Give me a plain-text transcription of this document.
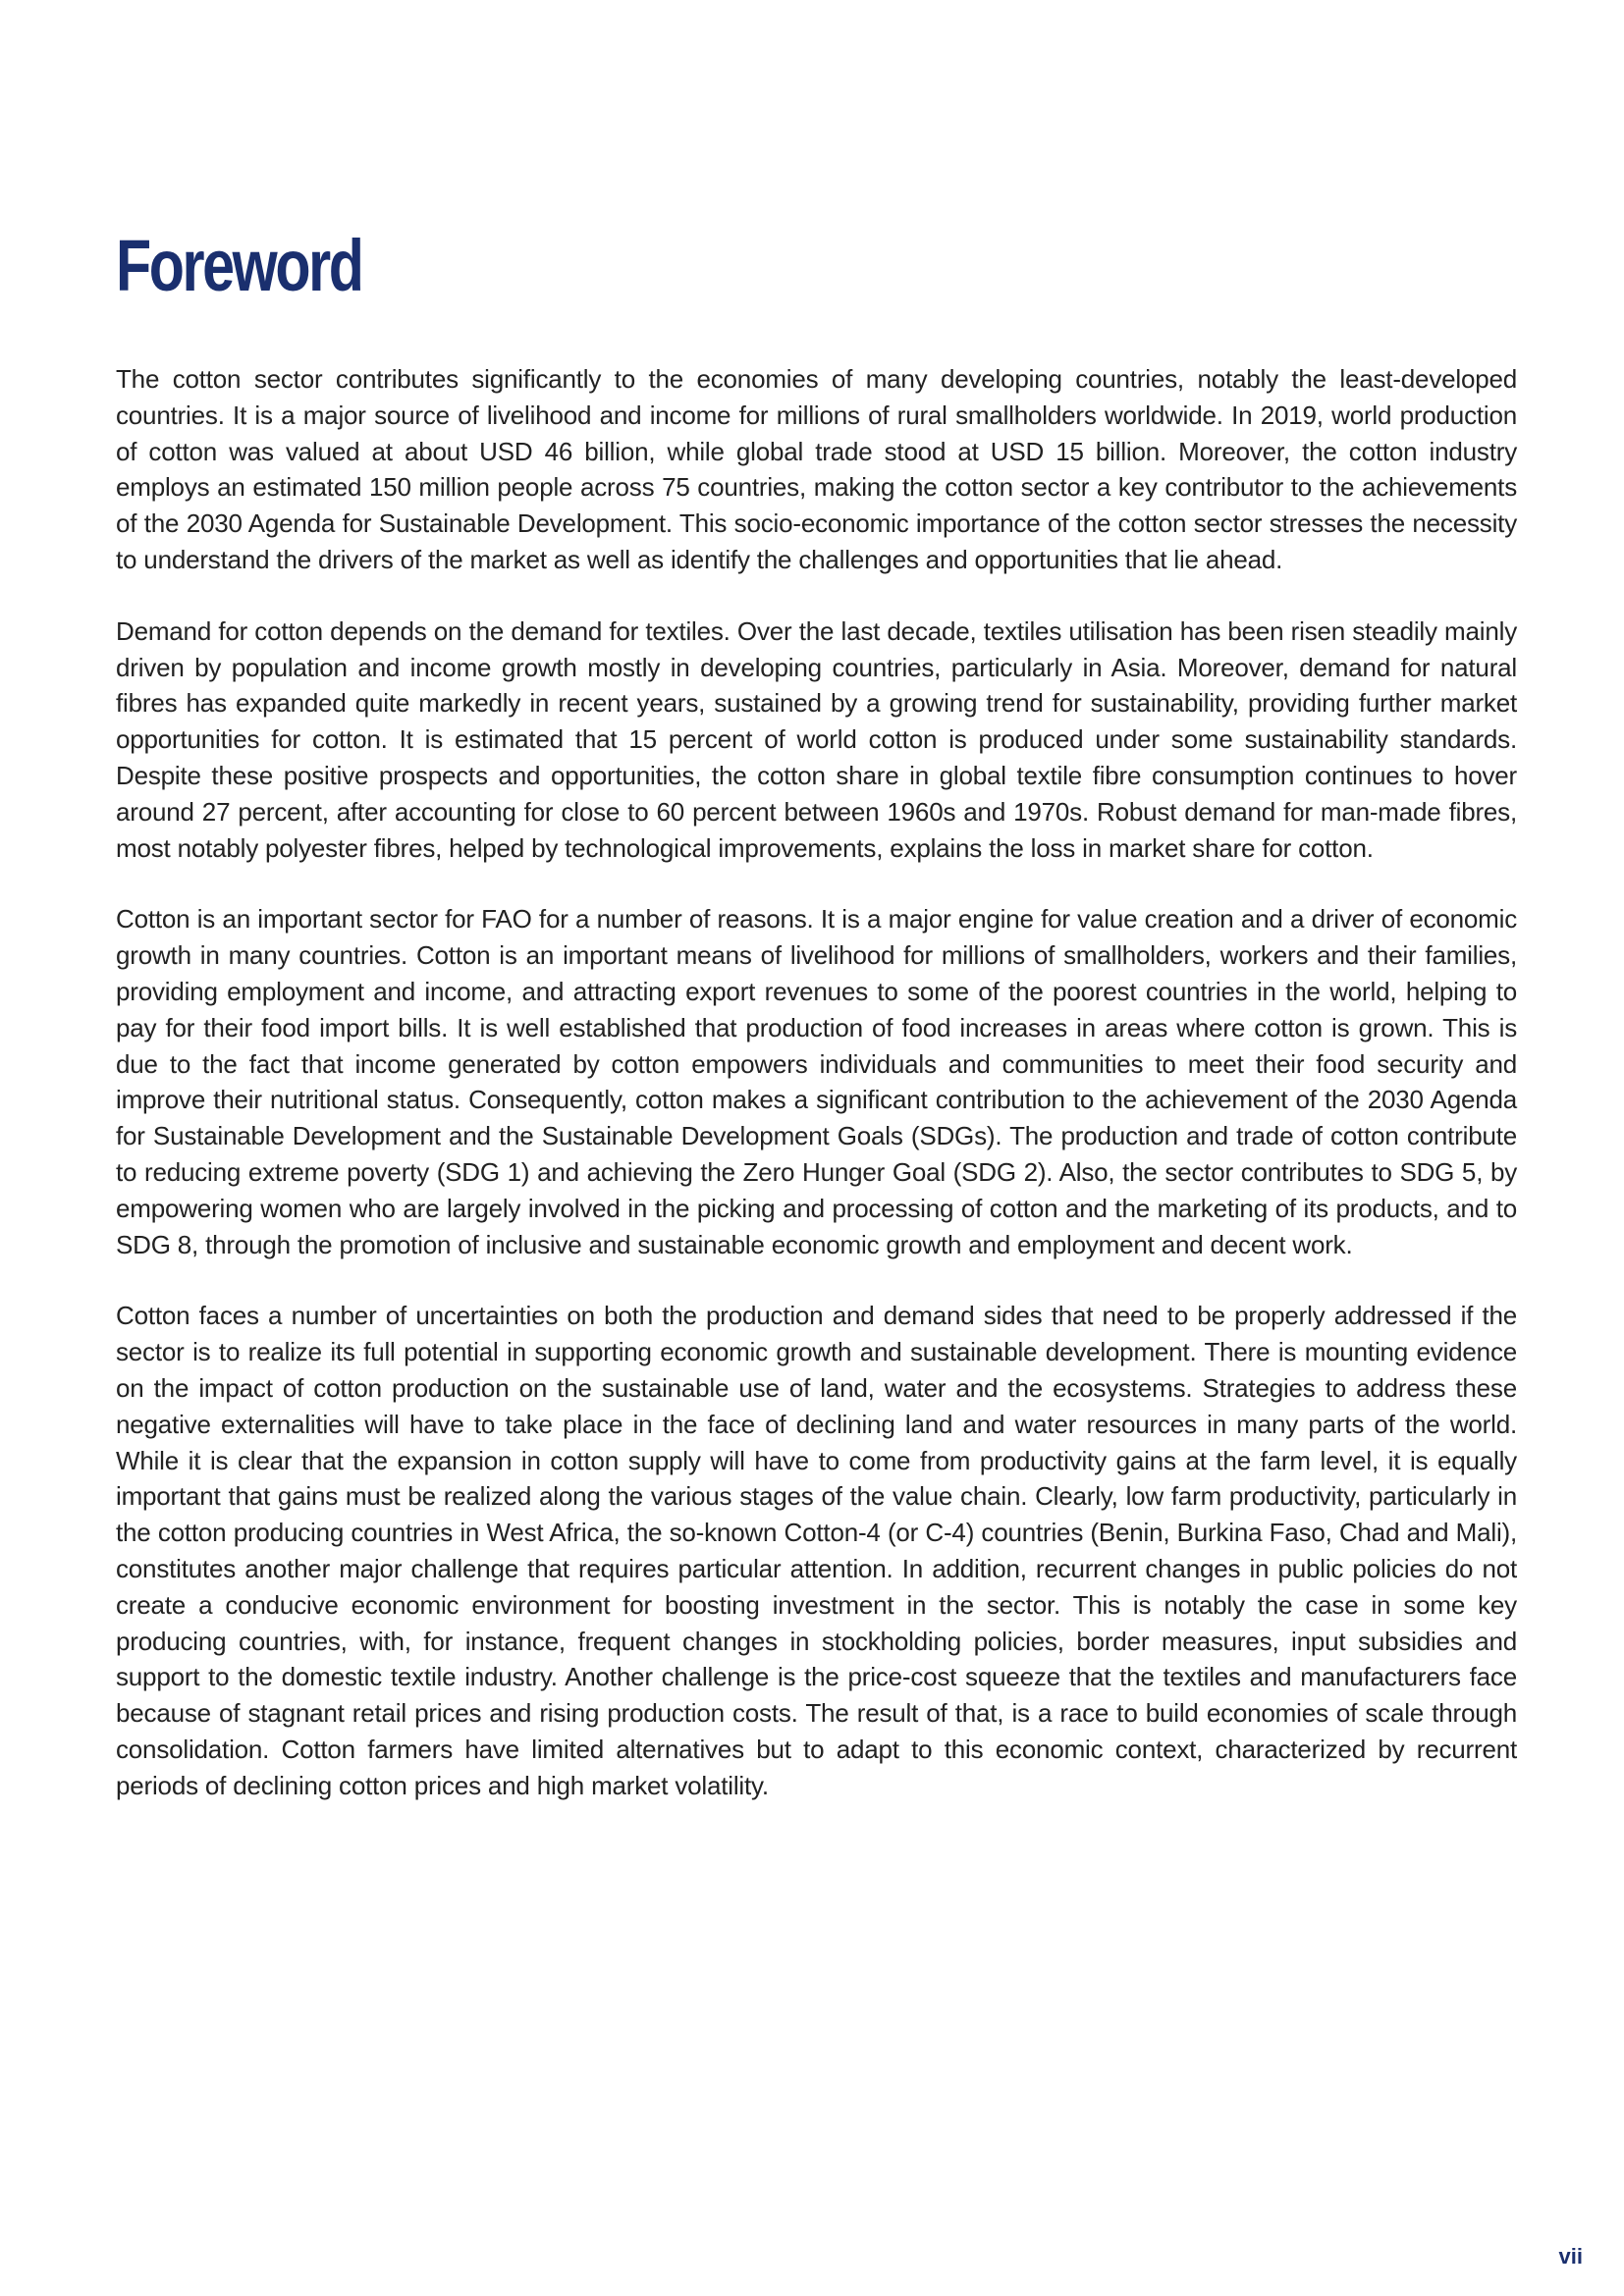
Foreword

The cotton sector contributes significantly to the economies of many developing countries, notably the least-developed countries. It is a major source of livelihood and income for millions of rural smallholders worldwide. In 2019, world production of cotton was valued at about USD 46 billion, while global trade stood at USD 15 billion. Moreover, the cotton industry employs an estimated 150 million people across 75 countries, making the cotton sector a key contributor to the achievements of the 2030 Agenda for Sustainable Development. This socio-economic importance of the cotton sector stresses the necessity to understand the drivers of the market as well as identify the challenges and opportunities that lie ahead.

Demand for cotton depends on the demand for textiles. Over the last decade, textiles utilisation has been risen steadily mainly driven by population and income growth mostly in developing countries, particularly in Asia. Moreover, demand for natural fibres has expanded quite markedly in recent years, sustained by a growing trend for sustainability, providing further market opportunities for cotton. It is estimated that 15 percent of world cotton is produced under some sustainability standards. Despite these positive prospects and opportunities, the cotton share in global textile fibre consumption continues to hover around 27 percent, after accounting for close to 60 percent between 1960s and 1970s. Robust demand for man-made fibres, most notably polyester fibres, helped by technological improvements, explains the loss in market share for cotton.

Cotton is an important sector for FAO for a number of reasons. It is a major engine for value creation and a driver of economic growth in many countries. Cotton is an important means of livelihood for millions of smallholders, workers and their families, providing employment and income, and attracting export revenues to some of the poorest countries in the world, helping to pay for their food import bills. It is well established that production of food increases in areas where cotton is grown. This is due to the fact that income generated by cotton empowers individuals and communities to meet their food security and improve their nutritional status. Consequently, cotton makes a significant contribution to the achievement of the 2030 Agenda for Sustainable Development and the Sustainable Development Goals (SDGs). The production and trade of cotton contribute to reducing extreme poverty (SDG 1) and achieving the Zero Hunger Goal (SDG 2). Also, the sector contributes to SDG 5, by empowering women who are largely involved in the picking and processing of cotton and the marketing of its products, and to SDG 8, through the promotion of inclusive and sustainable economic growth and employment and decent work.

Cotton faces a number of uncertainties on both the production and demand sides that need to be properly addressed if the sector is to realize its full potential in supporting economic growth and sustainable development. There is mounting evidence on the impact of cotton production on the sustainable use of land, water and the ecosystems. Strategies to address these negative externalities will have to take place in the face of declining land and water resources in many parts of the world. While it is clear that the expansion in cotton supply will have to come from productivity gains at the farm level, it is equally important that gains must be realized along the various stages of the value chain. Clearly, low farm productivity, particularly in the cotton producing countries in West Africa, the so-known Cotton-4 (or C-4) countries (Benin, Burkina Faso, Chad and Mali), constitutes another major challenge that requires particular attention. In addition, recurrent changes in public policies do not create a conducive economic environment for boosting investment in the sector. This is notably the case in some key producing countries, with, for instance, frequent changes in stockholding policies, border measures, input subsidies and support to the domestic textile industry. Another challenge is the price-cost squeeze that the textiles and manufacturers face because of stagnant retail prices and rising production costs. The result of that, is a race to build economies of scale through consolidation. Cotton farmers have limited alternatives but to adapt to this economic context, characterized by recurrent periods of declining cotton prices and high market volatility.

vii
